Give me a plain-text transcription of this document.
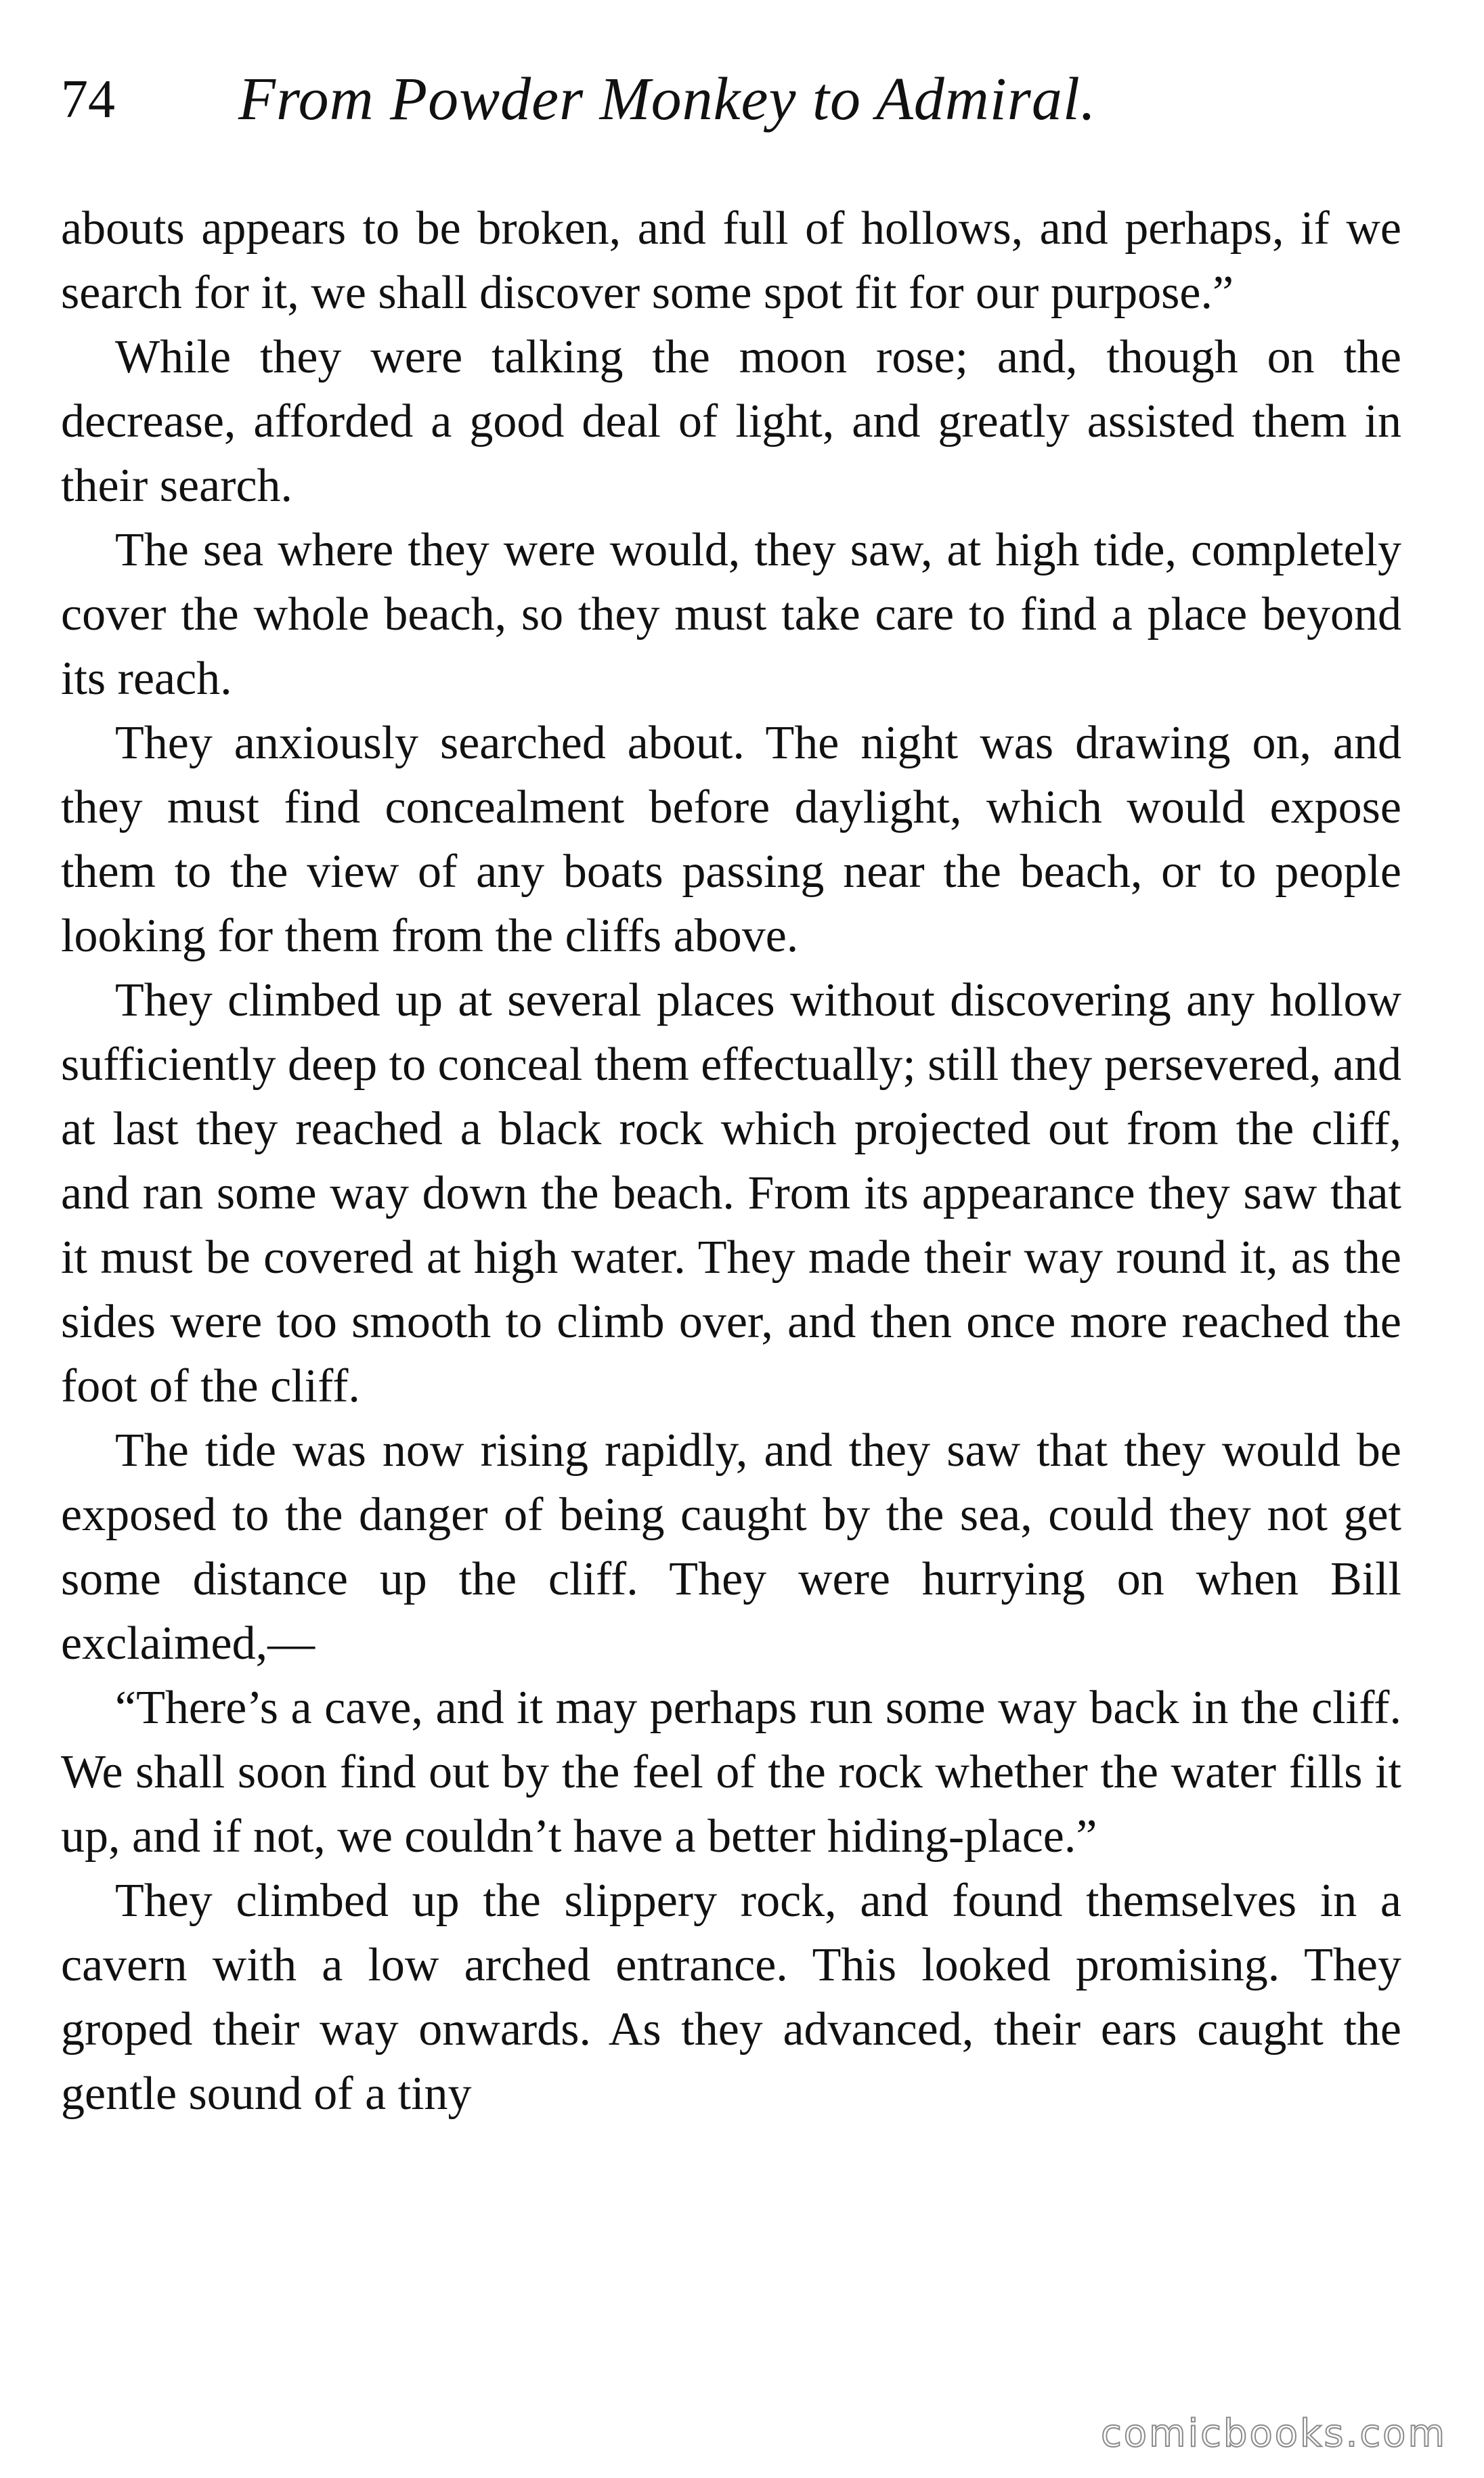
74 From Powder Monkey to Admiral.

abouts appears to be broken, and full of hollows, and perhaps, if we search for it, we shall discover some spot fit for our purpose.”

While they were talking the moon rose; and, though on the decrease, afforded a good deal of light, and greatly assisted them in their search.

The sea where they were would, they saw, at high tide, completely cover the whole beach, so they must take care to find a place beyond its reach.

They anxiously searched about. The night was drawing on, and they must find concealment before daylight, which would expose them to the view of any boats passing near the beach, or to people looking for them from the cliffs above.

They climbed up at several places without discovering any hollow sufficiently deep to conceal them effectually; still they persevered, and at last they reached a black rock which projected out from the cliff, and ran some way down the beach. From its appearance they saw that it must be covered at high water. They made their way round it, as the sides were too smooth to climb over, and then once more reached the foot of the cliff.

The tide was now rising rapidly, and they saw that they would be exposed to the danger of being caught by the sea, could they not get some distance up the cliff. They were hurrying on when Bill exclaimed,—

“There’s a cave, and it may perhaps run some way back in the cliff. We shall soon find out by the feel of the rock whether the water fills it up, and if not, we couldn’t have a better hiding-place.”

They climbed up the slippery rock, and found themselves in a cavern with a low arched entrance. This looked promising. They groped their way onwards. As they advanced, their ears caught the gentle sound of a tiny

comicbooks.com
